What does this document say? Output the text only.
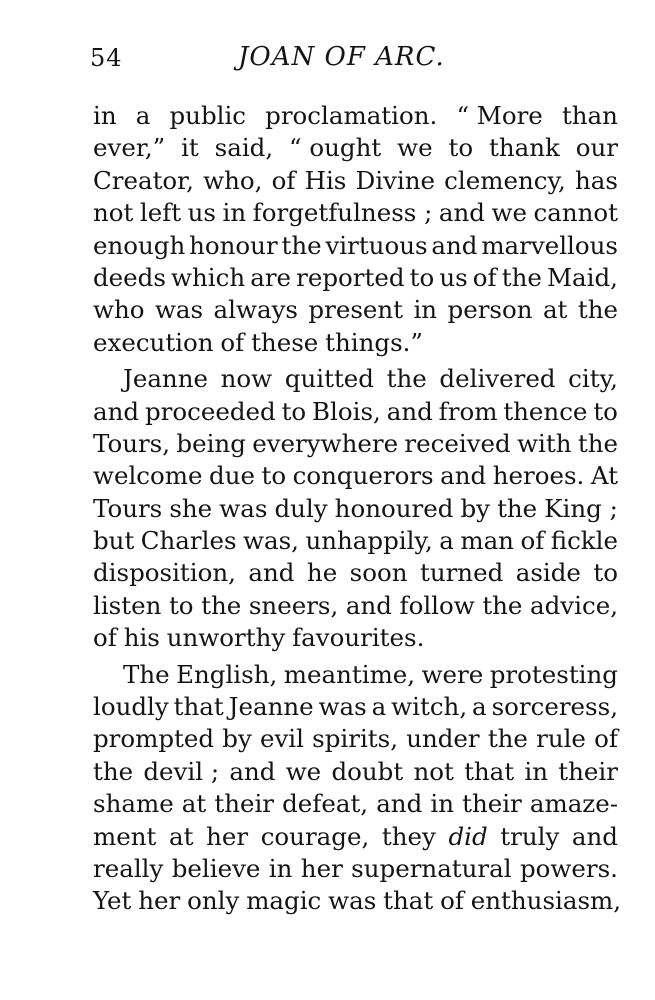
54	JOAN OF ARC.
in a public proclamation. “ More than
ever,” it said, “ ought we to thank our
Creator, who, of His Divine clemency, has
not left us in forgetfulness ; and we cannot
enough honour the virtuous and marvellous
deeds which are reported to us of the Maid,
who was always present in person at the
execution of these things.”
Jeanne now quitted the delivered city,
and proceeded to Blois, and from thence to
Tours, being everywhere received with the
welcome due to conquerors and heroes. At
Tours she was duly honoured by the King ;
but Charles was, unhappily, a man of fickle
disposition, and he soon turned aside to
listen to the sneers, and follow the advice,
of his unworthy favourites.
The English, meantime, were protesting
loudly that Jeanne was a witch, a sorceress,
prompted by evil spirits, under the rule of
the devil ; and we doubt not that in their
shame at their defeat, and in their amaze-
ment at her courage, they did truly and
really believe in her supernatural powers.
Yet her only magic was that of enthusiasm,
